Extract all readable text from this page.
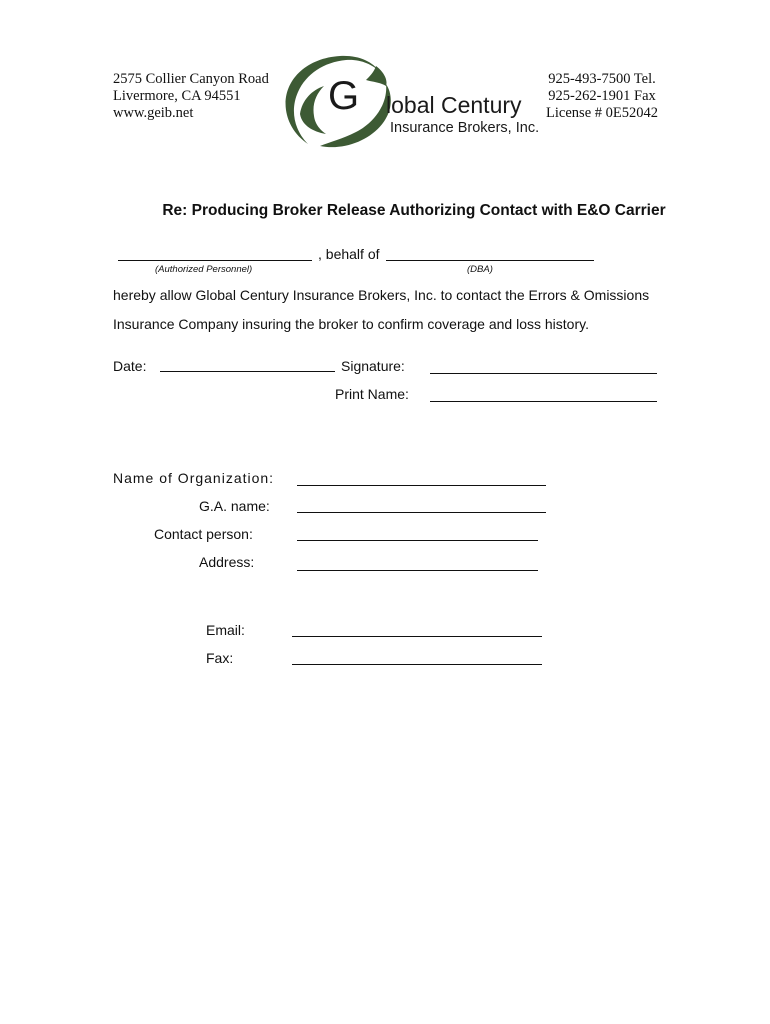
2575 Collier Canyon Road
Livermore, CA 94551
www.geib.net	G lobal Century
Insurance Brokers, Inc.
925-493-7500 Tel.
925-262-1901 Fax
License # 0E52042
Re: Producing Broker Release Authorizing Contact with E&O Carrier
, behalf of
(Authorized Personnel)	(DBA)
hereby allow Global Century Insurance Brokers, Inc. to contact the Errors & Omissions
Insurance Company insuring the broker to confirm coverage and loss history.
Date:	Signature:
Print Name:
Name of Organization:
G.A. name:
Contact person:
Address:
Email:
Fax:
